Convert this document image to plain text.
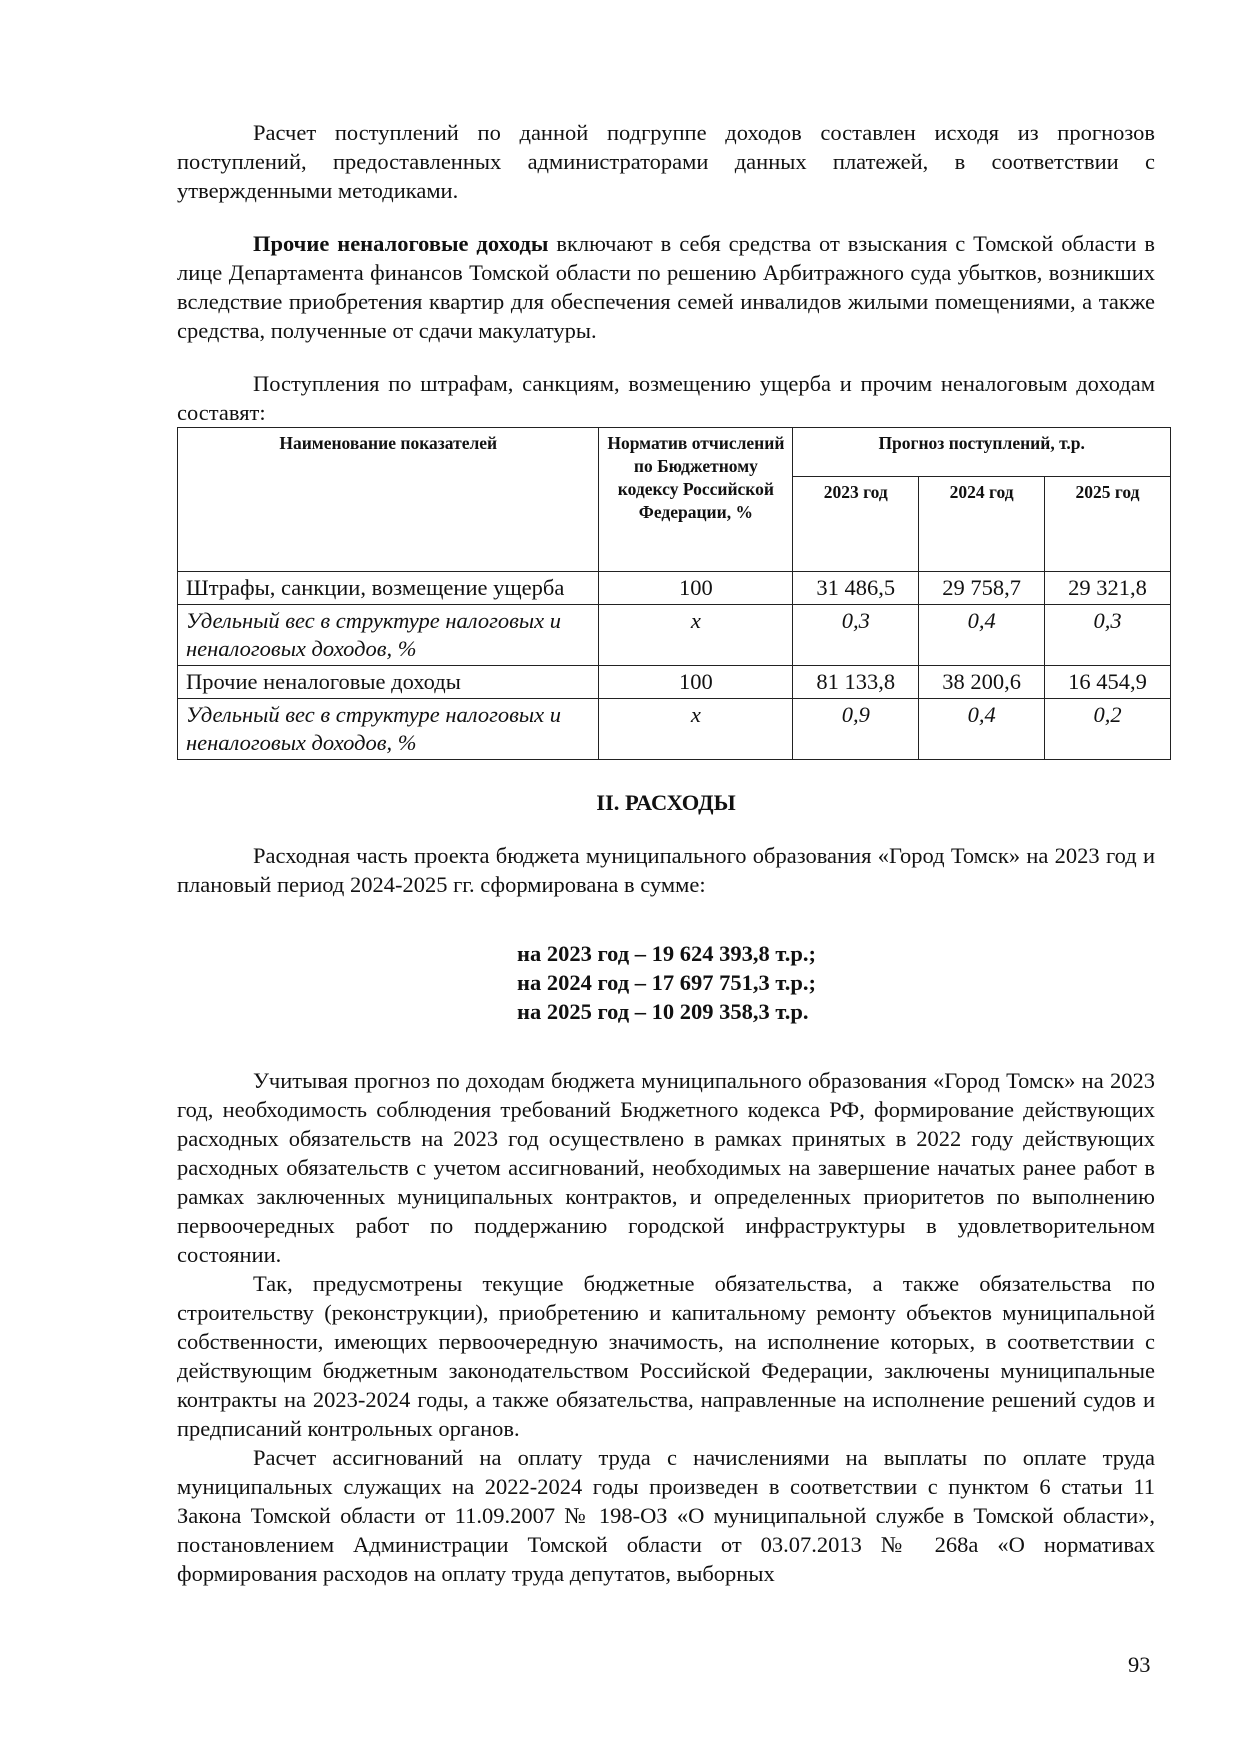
Расчет поступлений по данной подгруппе доходов составлен исходя из прогнозов поступлений, предоставленных администраторами данных платежей, в соответствии с утвержденными методиками.

Прочие неналоговые доходы включают в себя средства от взыскания с Томской области в лице Департамента финансов Томской области по решению Арбитражного суда убытков, возникших вследствие приобретения квартир для обеспечения семей инвалидов жилыми помещениями, а также средства, полученные от сдачи макулатуры.

Поступления по штрафам, санкциям, возмещению ущерба и прочим неналоговым доходам составят:

Наименование показателей	Норматив отчислений по Бюджетному кодексу Российской Федерации, %	Прогноз поступлений, т.р.		
		2023 год	2024 год	2025 год
Штрафы, санкции, возмещение ущерба	100	31 486,5	29 758,7	29 321,8
Удельный вес в структуре налоговых и неналоговых доходов, %	х	0,3	0,4	0,3
Прочие неналоговые доходы	100	81 133,8	38 200,6	16 454,9
Удельный вес в структуре налоговых и неналоговых доходов, %	х	0,9	0,4	0,2
II. РАСХОДЫ

Расходная часть проекта бюджета муниципального образования «Город Томск» на 2023 год и плановый период 2024-2025 гг. сформирована в сумме:

на 2023 год – 19 624 393,8 т.р.;
на 2024 год – 17 697 751,3 т.р.;
на 2025 год – 10 209 358,3 т.р.

Учитывая прогноз по доходам бюджета муниципального образования «Город Томск» на 2023 год, необходимость соблюдения требований Бюджетного кодекса РФ, формирование действующих расходных обязательств на 2023 год осуществлено в рамках принятых в 2022 году действующих расходных обязательств с учетом ассигнований, необходимых на завершение начатых ранее работ в рамках заключенных муниципальных контрактов, и определенных приоритетов по выполнению первоочередных работ по поддержанию городской инфраструктуры в удовлетворительном состоянии.

Так, предусмотрены текущие бюджетные обязательства, а также обязательства по строительству (реконструкции), приобретению и капитальному ремонту объектов муниципальной собственности, имеющих первоочередную значимость, на исполнение которых, в соответствии с действующим бюджетным законодательством Российской Федерации, заключены муниципальные контракты на 2023-2024 годы, а также обязательства, направленные на исполнение решений судов и предписаний контрольных органов.

Расчет ассигнований на оплату труда с начислениями на выплаты по оплате труда муниципальных служащих на 2022-2024 годы произведен в соответствии с пунктом 6 статьи 11 Закона Томской области от 11.09.2007 № 198-ОЗ «О муниципальной службе в Томской области», постановлением Администрации Томской области от 03.07.2013 № 268а «О нормативах формирования расходов на оплату труда депутатов, выборных

93
